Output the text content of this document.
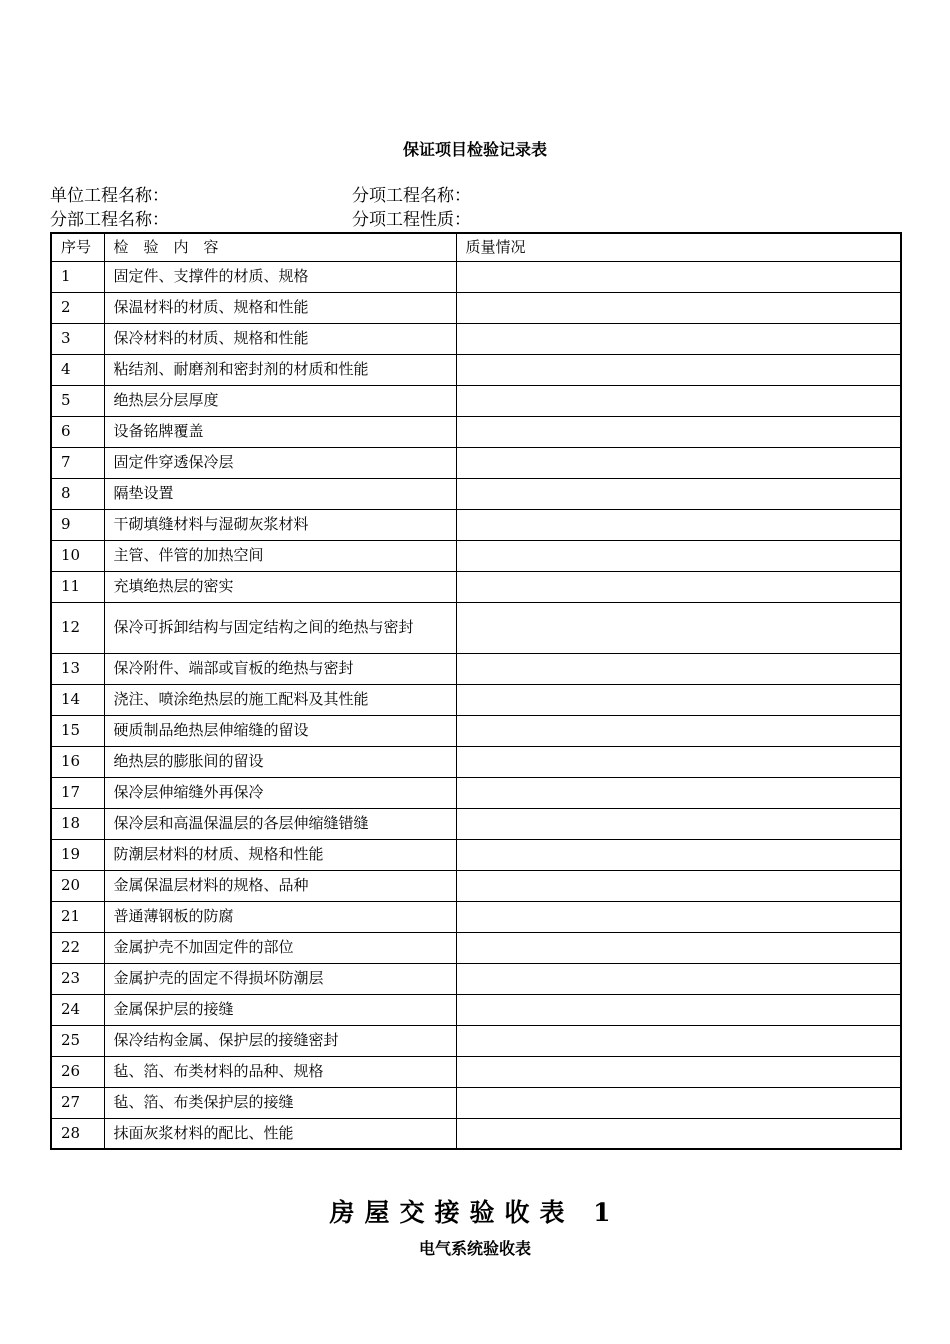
保证项目检验记录表
单位工程名称：	分项工程名称：
分部工程名称：	分项工程性质：
序号	检　验　内　容	质量情况
1	固定件、支撑件的材质、规格	
2	保温材料的材质、规格和性能	
3	保冷材料的材质、规格和性能	
4	粘结剂、耐磨剂和密封剂的材质和性能	
5	绝热层分层厚度	
6	设备铭牌覆盖	
7	固定件穿透保冷层	
8	隔垫设置	
9	干砌填缝材料与湿砌灰浆材料	
10	主管、伴管的加热空间	
11	充填绝热层的密实	
12	保冷可拆卸结构与固定结构之间的绝热与密封	
13	保冷附件、端部或盲板的绝热与密封	
14	浇注、喷涂绝热层的施工配料及其性能	
15	硬质制品绝热层伸缩缝的留设	
16	绝热层的膨胀间的留设	
17	保冷层伸缩缝外再保冷	
18	保冷层和高温保温层的各层伸缩缝错缝	
19	防潮层材料的材质、规格和性能	
20	金属保温层材料的规格、品种	
21	普通薄钢板的防腐	
22	金属护壳不加固定件的部位	
23	金属护壳的固定不得损坏防潮层	
24	金属保护层的接缝	
25	保冷结构金属、保护层的接缝密封	
26	毡、箔、布类材料的品种、规格	
27	毡、箔、布类保护层的接缝	
28	抹面灰浆材料的配比、性能	
房屋交接验收表 1
电气系统验收表
